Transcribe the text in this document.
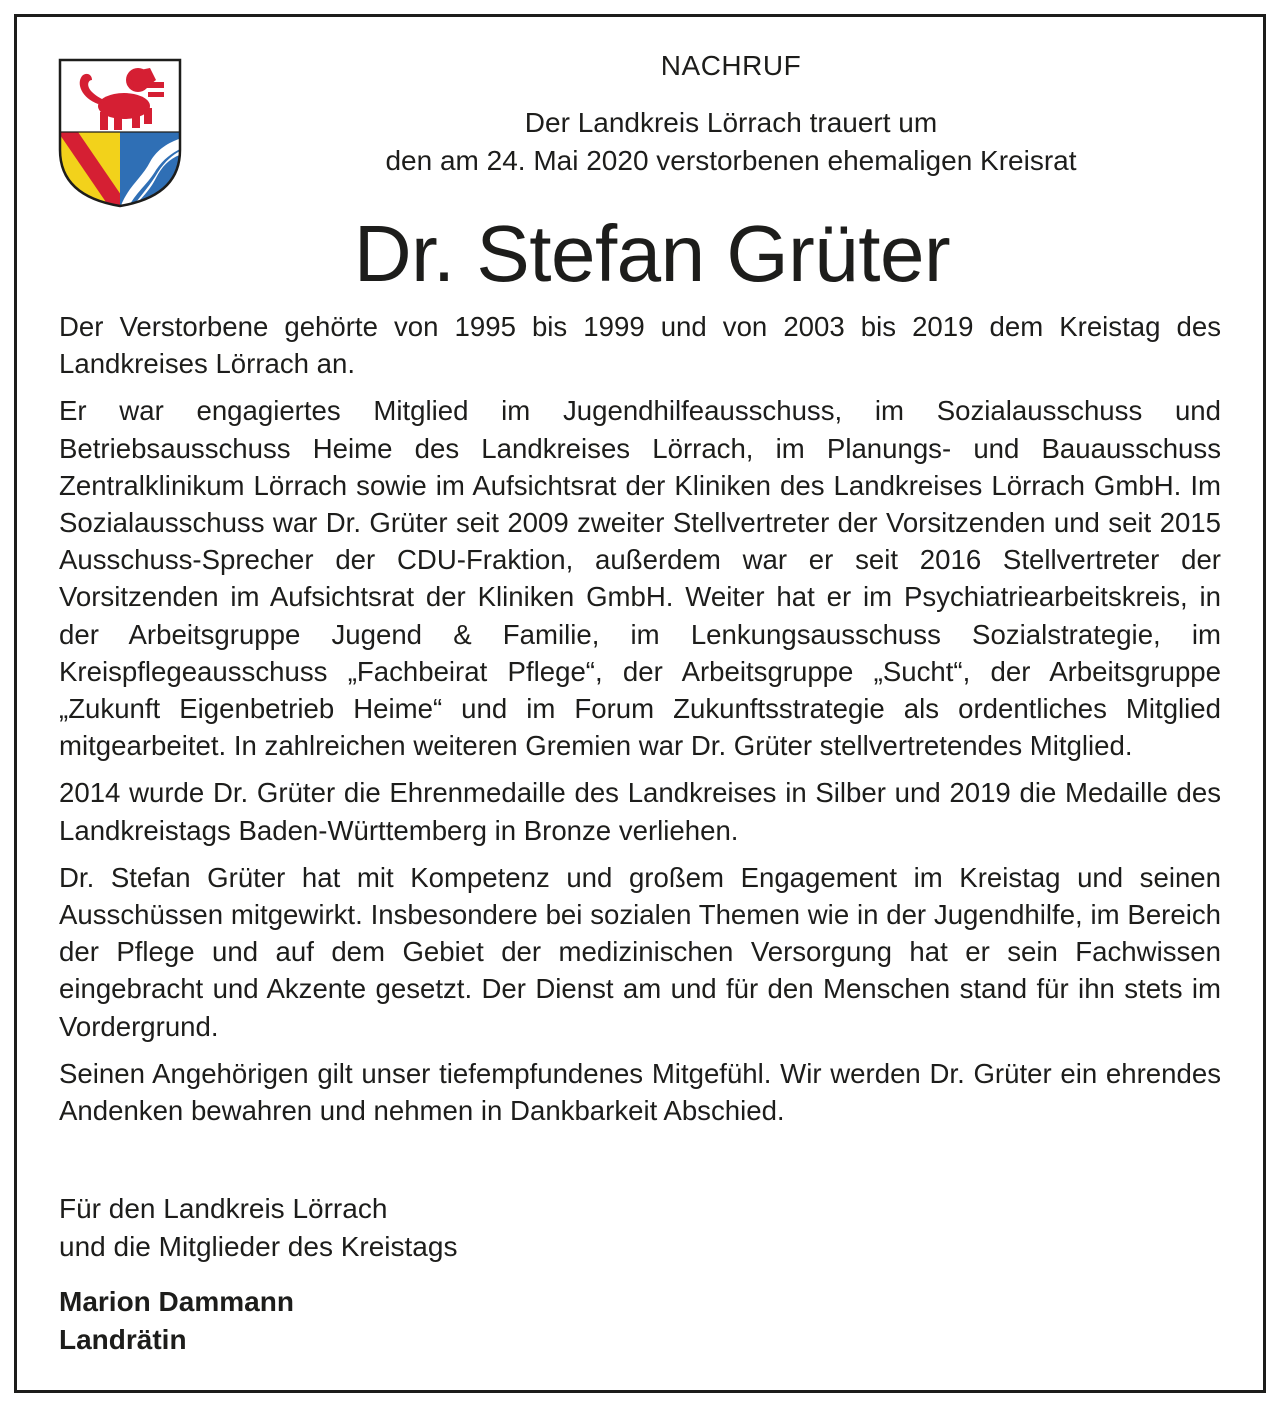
NACHRUF
Der Landkreis Lörrach trauert um
den am 24. Mai 2020 verstorbenen ehemaligen Kreisrat
Dr. Stefan Grüter

Der Verstorbene gehörte von 1995 bis 1999 und von 2003 bis 2019 dem Kreistag des Landkreises Lörrach an.

Er war engagiertes Mitglied im Jugendhilfeausschuss, im Sozialausschuss und Betriebsausschuss Heime des Landkreises Lörrach, im Planungs- und Bauausschuss Zentralklinikum Lörrach sowie im Aufsichtsrat der Kliniken des Landkreises Lörrach GmbH. Im Sozialausschuss war Dr. Grüter seit 2009 zweiter Stellvertreter der Vorsitzenden und seit 2015 Ausschuss-Sprecher der CDU-Fraktion, außerdem war er seit 2016 Stellvertreter der Vorsitzenden im Aufsichtsrat der Kliniken GmbH. Weiter hat er im Psychiatriearbeitskreis, in der Arbeitsgruppe Jugend & Familie, im Lenkungsausschuss Sozialstrategie, im Kreispflegeausschuss „Fachbeirat Pflege“, der Arbeitsgruppe „Sucht“, der Arbeitsgruppe „Zukunft Eigenbetrieb Heime“ und im Forum Zukunftsstrategie als ordentliches Mitglied mitgearbeitet. In zahlreichen weiteren Gremien war Dr. Grüter stellvertretendes Mitglied.

2014 wurde Dr. Grüter die Ehrenmedaille des Landkreises in Silber und 2019 die Medaille des Landkreistags Baden-Württemberg in Bronze verliehen.

Dr. Stefan Grüter hat mit Kompetenz und großem Engagement im Kreistag und seinen Ausschüssen mitgewirkt. Insbesondere bei sozialen Themen wie in der Jugendhilfe, im Bereich der Pflege und auf dem Gebiet der medizinischen Versorgung hat er sein Fachwissen eingebracht und Akzente gesetzt. Der Dienst am und für den Menschen stand für ihn stets im Vordergrund.

Seinen Angehörigen gilt unser tiefempfundenes Mitgefühl. Wir werden Dr. Grüter ein ehrendes Andenken bewahren und nehmen in Dankbarkeit Abschied.

Für den Landkreis Lörrach
und die Mitglieder des Kreistags
Marion Dammann
Landrätin
